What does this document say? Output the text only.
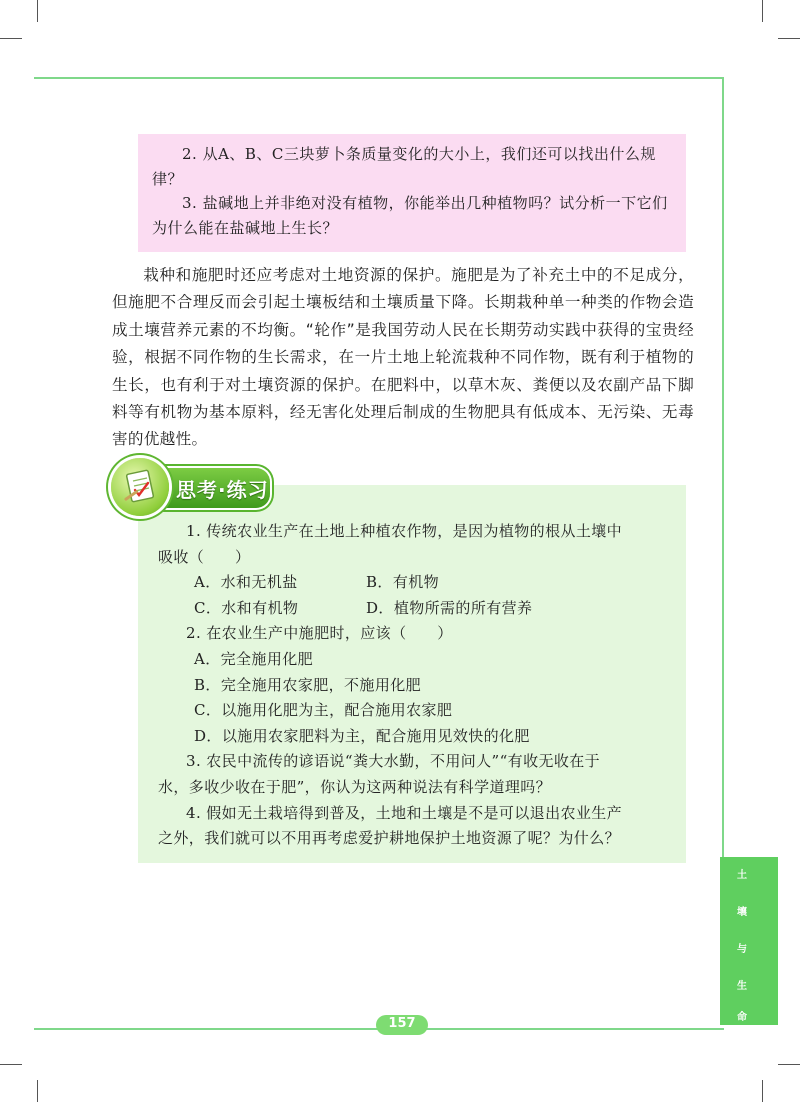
2. 从A、B、C三块萝卜条质量变化的大小上，我们还可以找出什么规律？

3. 盐碱地上并非绝对没有植物，你能举出几种植物吗？试分析一下它们为什么能在盐碱地上生长？

栽种和施肥时还应考虑对土地资源的保护。施肥是为了补充土中的不足成分，但施肥不合理反而会引起土壤板结和土壤质量下降。长期栽种单一种类的作物会造成土壤营养元素的不均衡。“轮作”是我国劳动人民在长期劳动实践中获得的宝贵经验，根据不同作物的生长需求，在一片土地上轮流栽种不同作物，既有利于植物的生长，也有利于对土壤资源的保护。在肥料中，以草木灰、粪便以及农副产品下脚料等有机物为基本原料，经无害化处理后制成的生物肥具有低成本、无污染、无毒害的优越性。

思考·练习

1. 传统农业生产在土地上种植农作物，是因为植物的根从土壤中

吸收（　　）

A．水和无机盐	B．有机物
C．水和有机物	D．植物所需的所有营养

2. 在农业生产中施肥时，应该（　　）

A．完全施用化肥

B．完全施用农家肥，不施用化肥

C．以施用化肥为主，配合施用农家肥

D．以施用农家肥料为主，配合施用见效快的化肥

3. 农民中流传的谚语说“粪大水勤，不用问人”“有收无收在于

水，多收少收在于肥”，你认为这两种说法有科学道理吗？

4. 假如无土栽培得到普及，土地和土壤是不是可以退出农业生产

之外，我们就可以不用再考虑爱护耕地保护土地资源了呢？为什么？

土
壤
与
生
命
157
